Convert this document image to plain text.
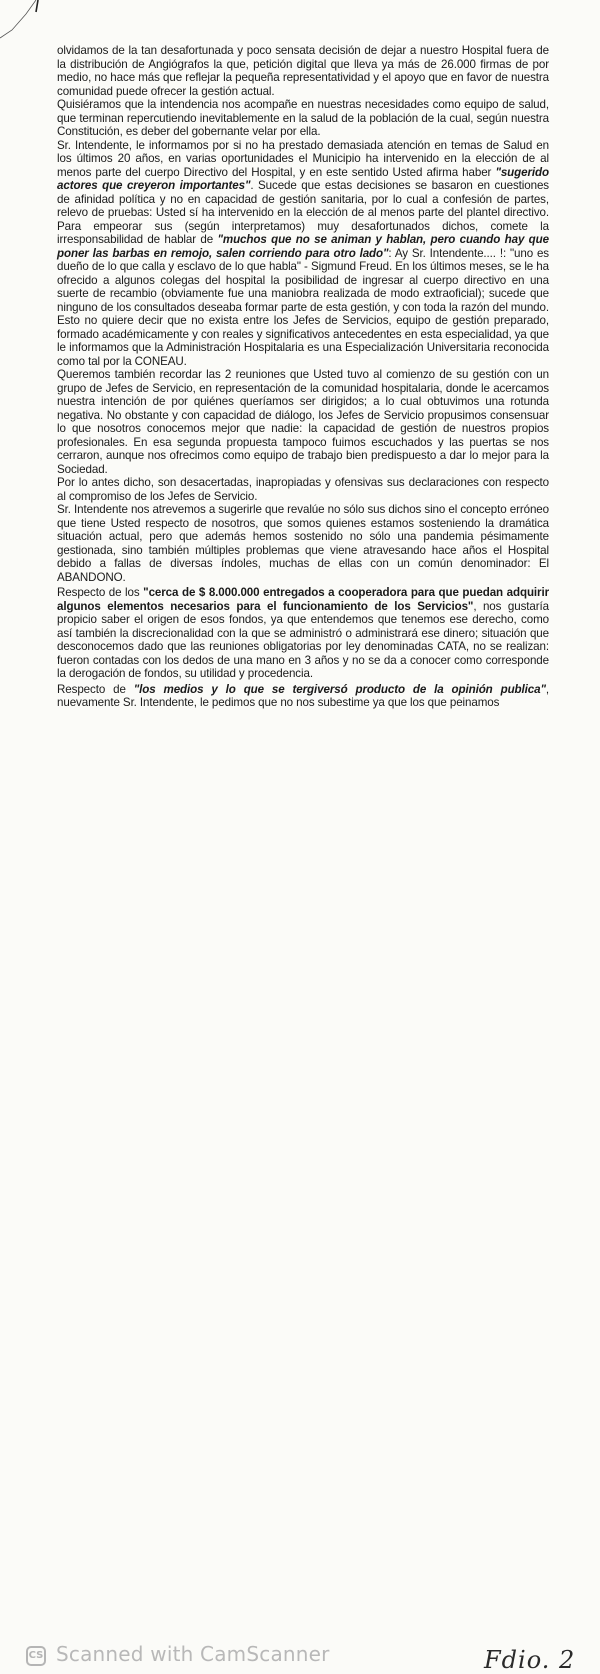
olvidamos de la tan desafortunada y poco sensata decisión de dejar a nuestro Hospital fuera de la distribución de Angiógrafos la que, petición digital que lleva ya más de 26.000 firmas de por medio, no hace más que reflejar la pequeña representatividad y el apoyo que en favor de nuestra comunidad puede ofrecer la gestión actual.

Quisiéramos que la intendencia nos acompañe en nuestras necesidades como equipo de salud, que terminan repercutiendo inevitablemente en la salud de la población de la cual, según nuestra Constitución, es deber del gobernante velar por ella.

Sr. Intendente, le informamos por si no ha prestado demasiada atención en temas de Salud en los últimos 20 años, en varias oportunidades el Municipio ha intervenido en la elección de al menos parte del cuerpo Directivo del Hospital, y en este sentido Usted afirma haber "sugerido actores que creyeron importantes". Sucede que estas decisiones se basaron en cuestiones de afinidad política y no en capacidad de gestión sanitaria, por lo cual a confesión de partes, relevo de pruebas: Usted sí ha intervenido en la elección de al menos parte del plantel directivo. Para empeorar sus (según interpretamos) muy desafortunados dichos, comete la irresponsabilidad de hablar de "muchos que no se animan y hablan, pero cuando hay que poner las barbas en remojo, salen corriendo para otro lado": Ay Sr. Intendente.... !: "uno es dueño de lo que calla y esclavo de lo que habla" - Sigmund Freud. En los últimos meses, se le ha ofrecido a algunos colegas del hospital la posibilidad de ingresar al cuerpo directivo en una suerte de recambio (obviamente fue una maniobra realizada de modo extraoficial); sucede que ninguno de los consultados deseaba formar parte de esta gestión, y con toda la razón del mundo. Esto no quiere decir que no exista entre los Jefes de Servicios, equipo de gestión preparado, formado académicamente y con reales y significativos antecedentes en esta especialidad, ya que le informamos que la Administración Hospitalaria es una Especialización Universitaria reconocida como tal por la CONEAU.

Queremos también recordar las 2 reuniones que Usted tuvo al comienzo de su gestión con un grupo de Jefes de Servicio, en representación de la comunidad hospitalaria, donde le acercamos nuestra intención de por quiénes queríamos ser dirigidos; a lo cual obtuvimos una rotunda negativa. No obstante y con capacidad de diálogo, los Jefes de Servicio propusimos consensuar lo que nosotros conocemos mejor que nadie: la capacidad de gestión de nuestros propios profesionales. En esa segunda propuesta tampoco fuimos escuchados y las puertas se nos cerraron, aunque nos ofrecimos como equipo de trabajo bien predispuesto a dar lo mejor para la Sociedad.

Por lo antes dicho, son desacertadas, inapropiadas y ofensivas sus declaraciones con respecto al compromiso de los Jefes de Servicio.

Sr. Intendente nos atrevemos a sugerirle que revalúe no sólo sus dichos sino el concepto erróneo que tiene Usted respecto de nosotros, que somos quienes estamos sosteniendo la dramática situación actual, pero que además hemos sostenido no sólo una pandemia pésimamente gestionada, sino también múltiples problemas que viene atravesando hace años el Hospital debido a fallas de diversas índoles, muchas de ellas con un común denominador: El ABANDONO.

Respecto de los "cerca de $ 8.000.000 entregados a cooperadora para que puedan adquirir algunos elementos necesarios para el funcionamiento de los Servicios", nos gustaría propicio saber el origen de esos fondos, ya que entendemos que tenemos ese derecho, como así también la discrecionalidad con la que se administró o administrará ese dinero; situación que desconocemos dado que las reuniones obligatorias por ley denominadas CATA, no se realizan: fueron contadas con los dedos de una mano en 3 años y no se da a conocer como corresponde la derogación de fondos, su utilidad y procedencia.

Respecto de "los medios y lo que se tergiversó producto de la opinión publica", nuevamente Sr. Intendente, le pedimos que no nos subestime ya que los que peinamos

CS Scanned with CamScanner	Fdio. 2
